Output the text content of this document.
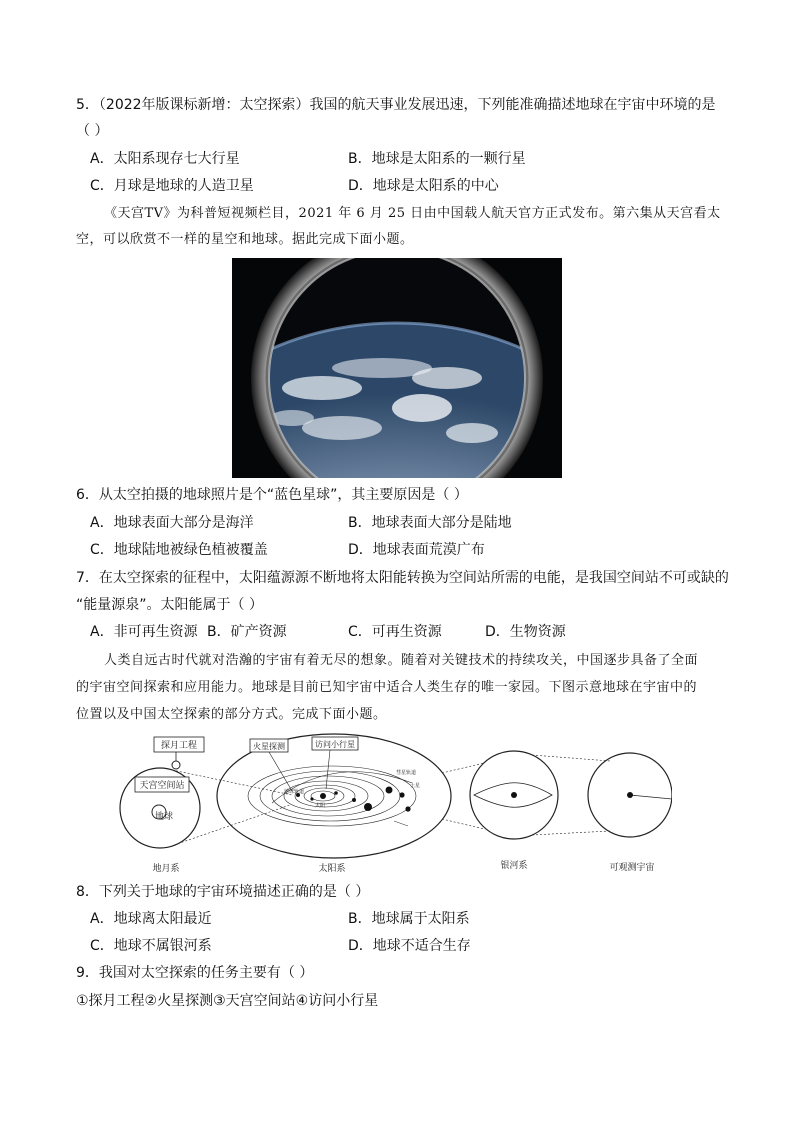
5．（2022年版课标新增：太空探索）我国的航天事业发展迅速，下列能准确描述地球在宇宙中环境的是
（ ）
A．太阳系现存七大行星	B．地球是太阳系的一颗行星
C．月球是地球的人造卫星	D．地球是太阳系的中心
《天宫TV》为科普短视频栏目，2021 年 6 月 25 日由中国载人航天官方正式发布。第六集从天宫看太
空，可以欣赏不一样的星空和地球。据此完成下面小题。
6．从太空拍摄的地球照片是个“蓝色星球”，其主要原因是（ ）
A．地球表面大部分是海洋	B．地球表面大部分是陆地
C．地球陆地被绿色植被覆盖	D．地球表面荒漠广布
7．在太空探索的征程中，太阳蕴源源不断地将太阳能转换为空间站所需的电能，是我国空间站不可或缺的
“能量源泉”。太阳能属于（ ）
A．非可再生资源 B．矿产资源	C．可再生资源	D．生物资源
人类自远古时代就对浩瀚的宇宙有着无尽的想象。随着对关键技术的持续攻关，中国逐步具备了全面
的宇宙空间探索和应用能力。地球是目前已知宇宙中适合人类生存的唯一家园。下图示意地球在宇宙中的
位置以及中国太空探索的部分方式。完成下面小题。
探月工程
天宫空间站
地球
土星
地球轨道
彗星轨道
太阳
火星探测	访问小行星
地月系	太阳系	银河系	可观测宇宙
8．下列关于地球的宇宙环境描述正确的是（ ）
A．地球离太阳最近	B．地球属于太阳系
C．地球不属银河系	D．地球不适合生存
9．我国对太空探索的任务主要有（ ）
①探月工程②火星探测③天宫空间站④访问小行星
